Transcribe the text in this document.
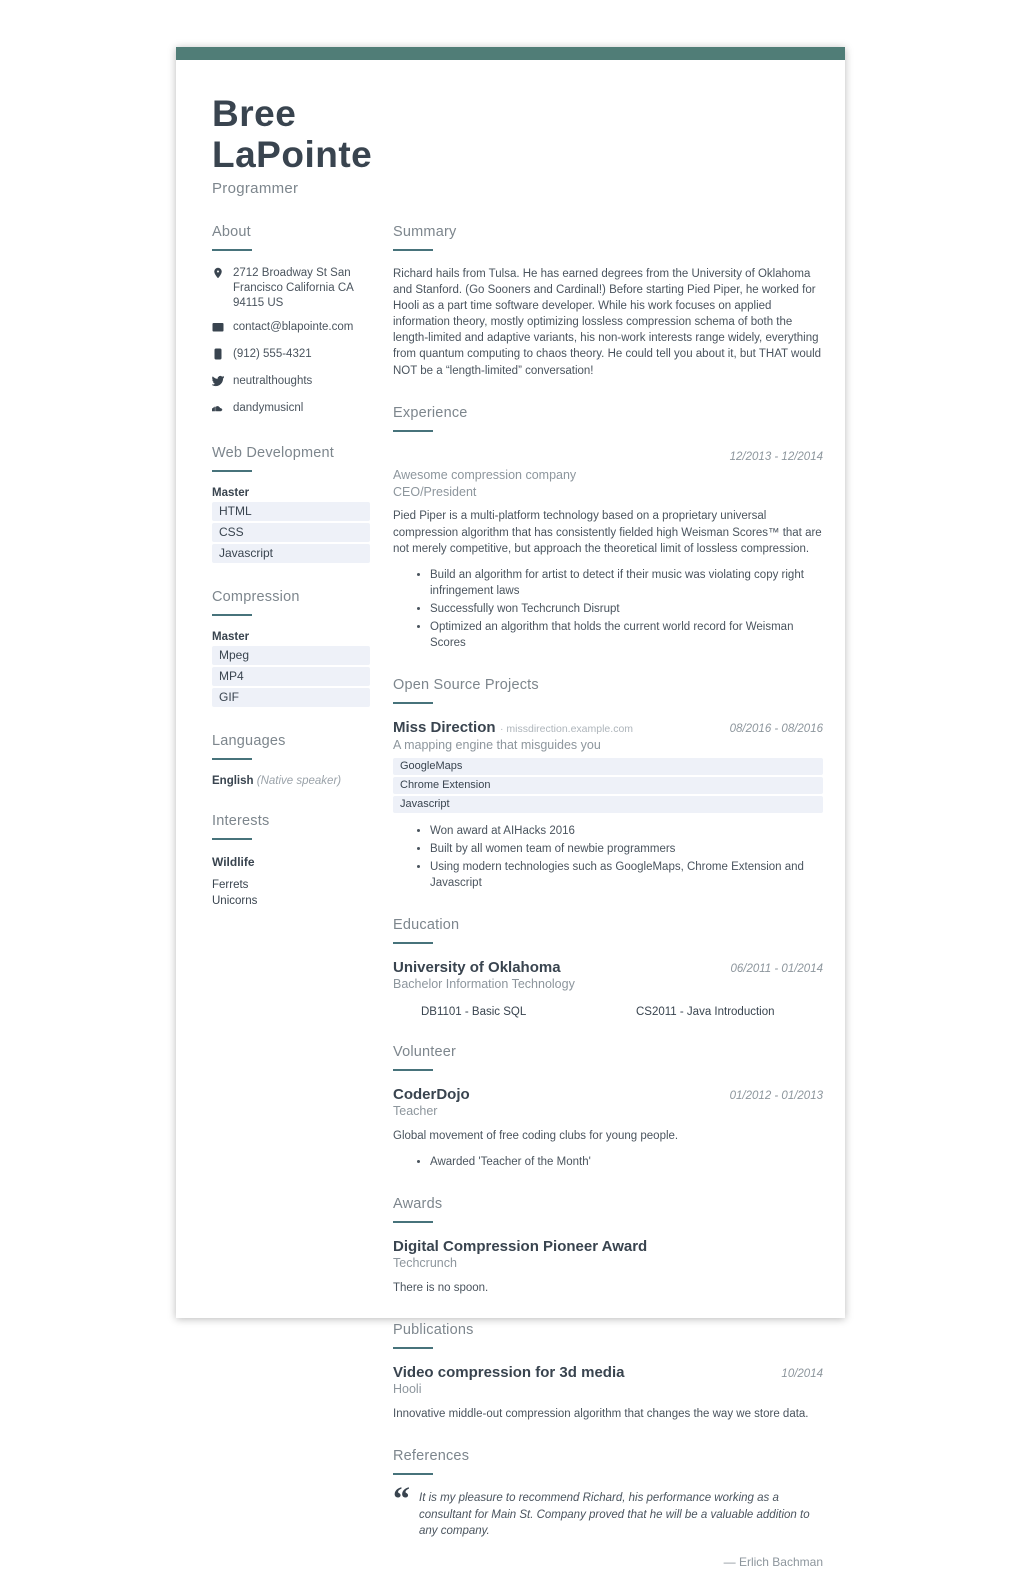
Bree
LaPointe
Programmer
About
2712 Broadway St San Francisco California CA 94115 US
contact@blapointe.com
(912) 555-4321
neutralthoughts
dandymusicnl
Web Development
Master
HTML
CSS
Javascript
Compression
Master
Mpeg
MP4
GIF
Languages
English (Native speaker)
Interests
Wildlife
Ferrets
Unicorns
Summary

Richard hails from Tulsa. He has earned degrees from the University of Oklahoma and Stanford. (Go Sooners and Cardinal!) Before starting Pied Piper, he worked for Hooli as a part time software developer. While his work focuses on applied information theory, mostly optimizing lossless compression schema of both the length-limited and adaptive variants, his non-work interests range widely, everything from quantum computing to chaos theory. He could tell you about it, but THAT would NOT be a “length-limited” conversation!

Experience
12/2013 - 12/2014
Awesome compression company
CEO/President

Pied Piper is a multi-platform technology based on a proprietary universal compression algorithm that has consistently fielded high Weisman Scores™ that are not merely competitive, but approach the theoretical limit of lossless compression.

• Build an algorithm for artist to detect if their music was violating copy right infringement laws
• Successfully won Techcrunch Disrupt
• Optimized an algorithm that holds the current world record for Weisman Scores
Open Source Projects
Miss Direction · missdirection.example.com	08/2016 - 08/2016
A mapping engine that misguides you
GoogleMaps
Chrome Extension
Javascript
• Won award at AIHacks 2016
• Built by all women team of newbie programmers
• Using modern technologies such as GoogleMaps, Chrome Extension and Javascript
Education
University of Oklahoma	06/2011 - 01/2014
Bachelor Information Technology
DB1101 - Basic SQL	CS2011 - Java Introduction
Volunteer
CoderDojo	01/2012 - 01/2013
Teacher

Global movement of free coding clubs for young people.

• Awarded 'Teacher of the Month'
Awards
Digital Compression Pioneer Award
Techcrunch

There is no spoon.

Publications
Video compression for 3d media	10/2014
Hooli

Innovative middle-out compression algorithm that changes the way we store data.

References
“ It is my pleasure to recommend Richard, his performance working as a consultant for Main St. Company proved that he will be a valuable addition to any company.
— Erlich Bachman
